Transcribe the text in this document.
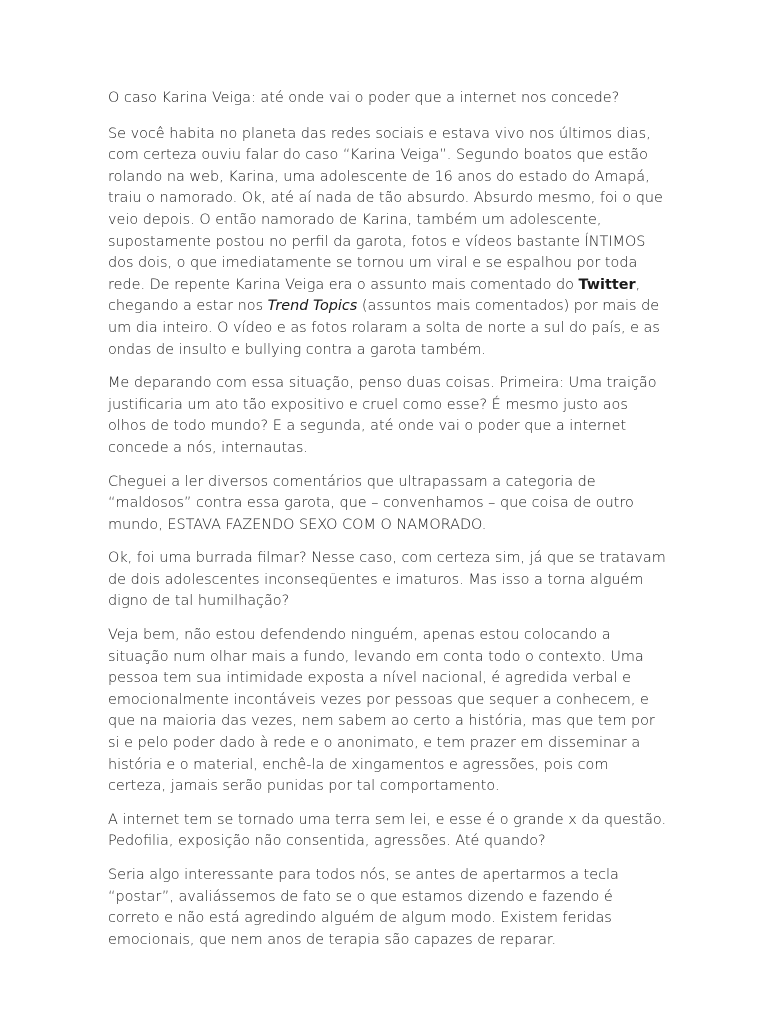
O caso Karina Veiga: até onde vai o poder que a internet nos concede?

Se você habita no planeta das redes sociais e estava vivo nos últimos dias, com certeza ouviu falar do caso “Karina Veiga”. Segundo boatos que estão rolando na web, Karina, uma adolescente de 16 anos do estado do Amapá, traiu o namorado. Ok, até aí nada de tão absurdo. Absurdo mesmo, foi o que veio depois. O então namorado de Karina, também um adolescente, supostamente postou no perfil da garota, fotos e vídeos bastante ÍNTIMOS dos dois, o que imediatamente se tornou um viral e se espalhou por toda rede. De repente Karina Veiga era o assunto mais comentado do Twitter, chegando a estar nos Trend Topics (assuntos mais comentados) por mais de um dia inteiro. O vídeo e as fotos rolaram a solta de norte a sul do país, e as ondas de insulto e bullying contra a garota também.

Me deparando com essa situação, penso duas coisas. Primeira: Uma traição justificaria um ato tão expositivo e cruel como esse? É mesmo justo aos olhos de todo mundo? E a segunda, até onde vai o poder que a internet concede a nós, internautas.

Cheguei a ler diversos comentários que ultrapassam a categoria de “maldosos” contra essa garota, que – convenhamos – que coisa de outro mundo, ESTAVA FAZENDO SEXO COM O NAMORADO.

Ok, foi uma burrada filmar? Nesse caso, com certeza sim, já que se tratavam de dois adolescentes inconseqüentes e imaturos. Mas isso a torna alguém digno de tal humilhação?

Veja bem, não estou defendendo ninguém, apenas estou colocando a situação num olhar mais a fundo, levando em conta todo o contexto. Uma pessoa tem sua intimidade exposta a nível nacional, é agredida verbal e emocionalmente incontáveis vezes por pessoas que sequer a conhecem, e que na maioria das vezes, nem sabem ao certo a história, mas que tem por si e pelo poder dado à rede e o anonimato, e tem prazer em disseminar a história e o material, enchê-la de xingamentos e agressões, pois com certeza, jamais serão punidas por tal comportamento.

A internet tem se tornado uma terra sem lei, e esse é o grande x da questão. Pedofilia, exposição não consentida, agressões. Até quando?

Seria algo interessante para todos nós, se antes de apertarmos a tecla “postar”, avaliássemos de fato se o que estamos dizendo e fazendo é correto e não está agredindo alguém de algum modo. Existem feridas emocionais, que nem anos de terapia são capazes de reparar.
